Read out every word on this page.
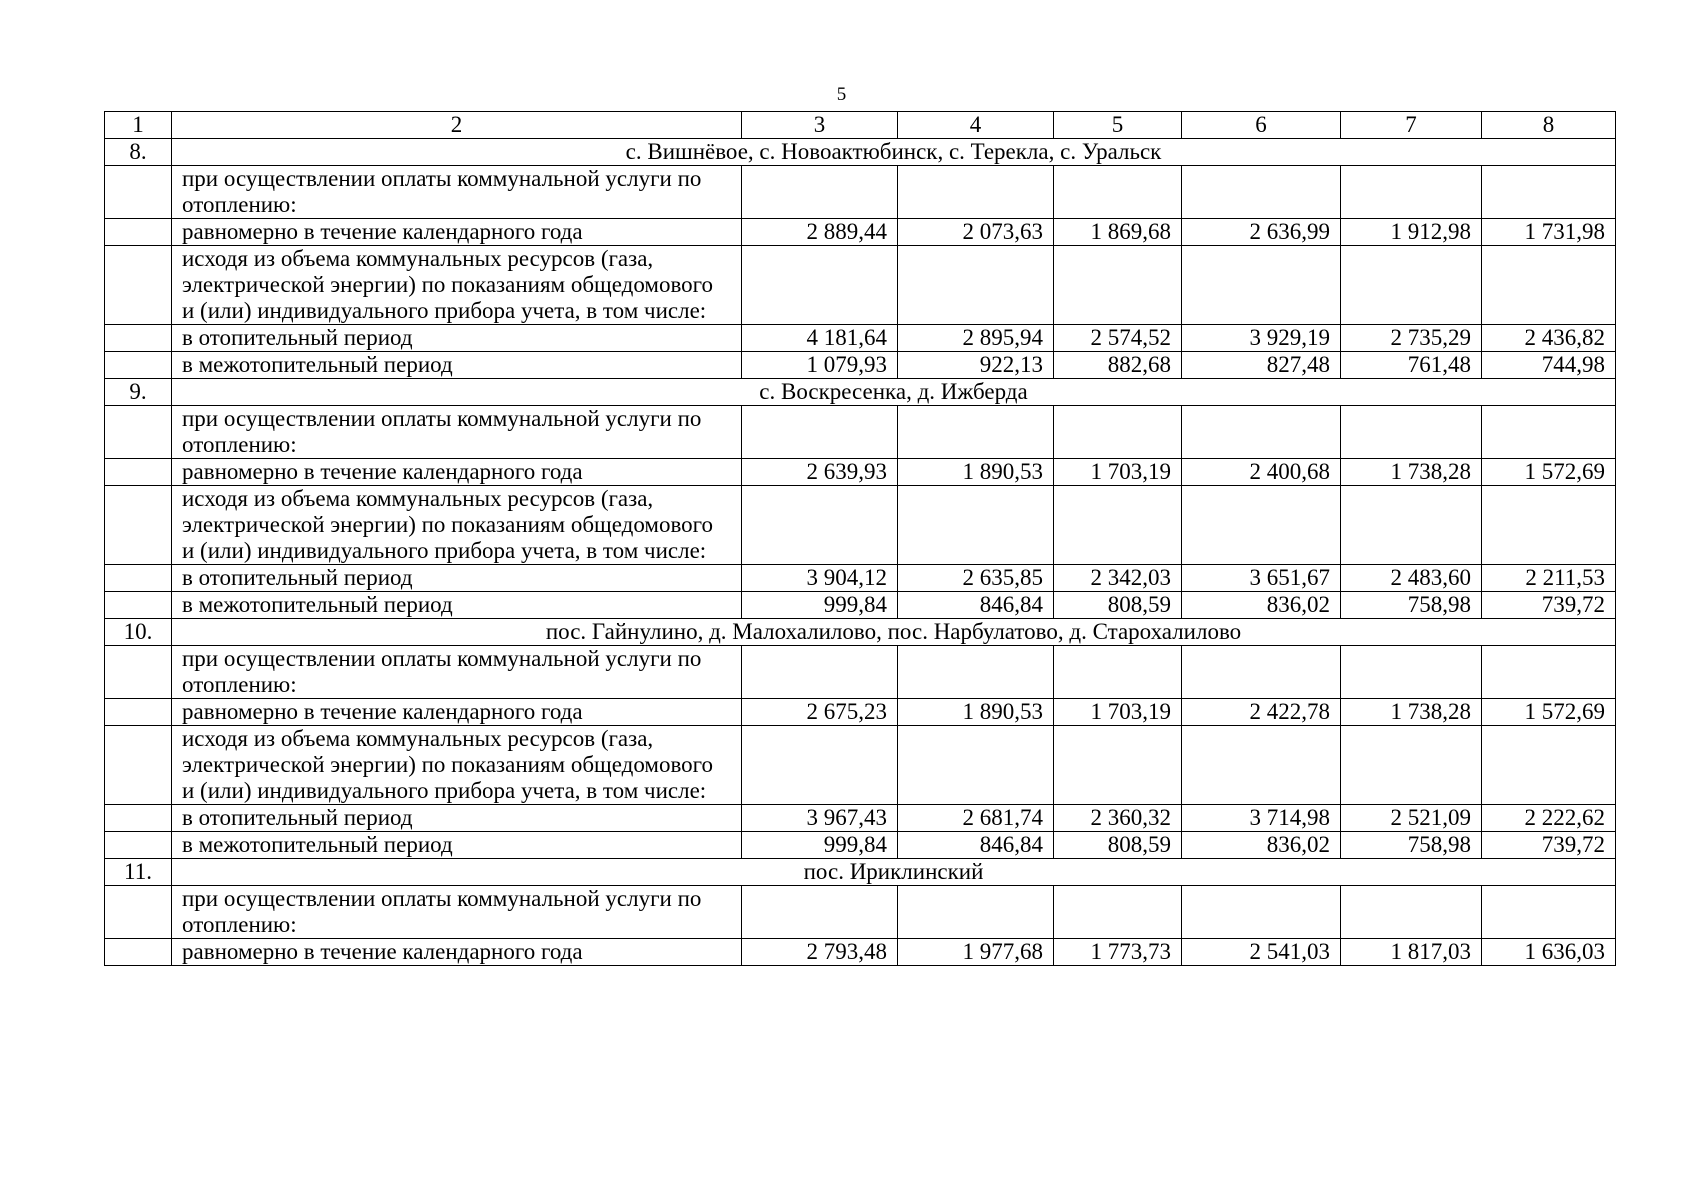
5
1	2	3	4	5	6	7	8
8.	с. Вишнёвое, с. Новоактюбинск, с. Терекла, с. Уральск						
	при осуществлении оплаты коммунальной услуги по отоплению:						
	равномерно в течение календарного года	2 889,44	2 073,63	1 869,68	2 636,99	1 912,98	1 731,98
	исходя из объема коммунальных ресурсов (газа, электрической энергии) по показаниям общедомового и (или) индивидуального прибора учета, в том числе:						
	в отопительный период	4 181,64	2 895,94	2 574,52	3 929,19	2 735,29	2 436,82
	в межотопительный период	1 079,93	922,13	882,68	827,48	761,48	744,98
9.	с. Воскресенка, д. Ижберда						
	при осуществлении оплаты коммунальной услуги по отоплению:						
	равномерно в течение календарного года	2 639,93	1 890,53	1 703,19	2 400,68	1 738,28	1 572,69
	исходя из объема коммунальных ресурсов (газа, электрической энергии) по показаниям общедомового и (или) индивидуального прибора учета, в том числе:						
	в отопительный период	3 904,12	2 635,85	2 342,03	3 651,67	2 483,60	2 211,53
	в межотопительный период	999,84	846,84	808,59	836,02	758,98	739,72
10.	пос. Гайнулино, д. Малохалилово, пос. Нарбулатово, д. Старохалилово						
	при осуществлении оплаты коммунальной услуги по отоплению:						
	равномерно в течение календарного года	2 675,23	1 890,53	1 703,19	2 422,78	1 738,28	1 572,69
	исходя из объема коммунальных ресурсов (газа, электрической энергии) по показаниям общедомового и (или) индивидуального прибора учета, в том числе:						
	в отопительный период	3 967,43	2 681,74	2 360,32	3 714,98	2 521,09	2 222,62
	в межотопительный период	999,84	846,84	808,59	836,02	758,98	739,72
11.	пос. Ириклинский						
	при осуществлении оплаты коммунальной услуги по отоплению:						
	равномерно в течение календарного года	2 793,48	1 977,68	1 773,73	2 541,03	1 817,03	1 636,03
